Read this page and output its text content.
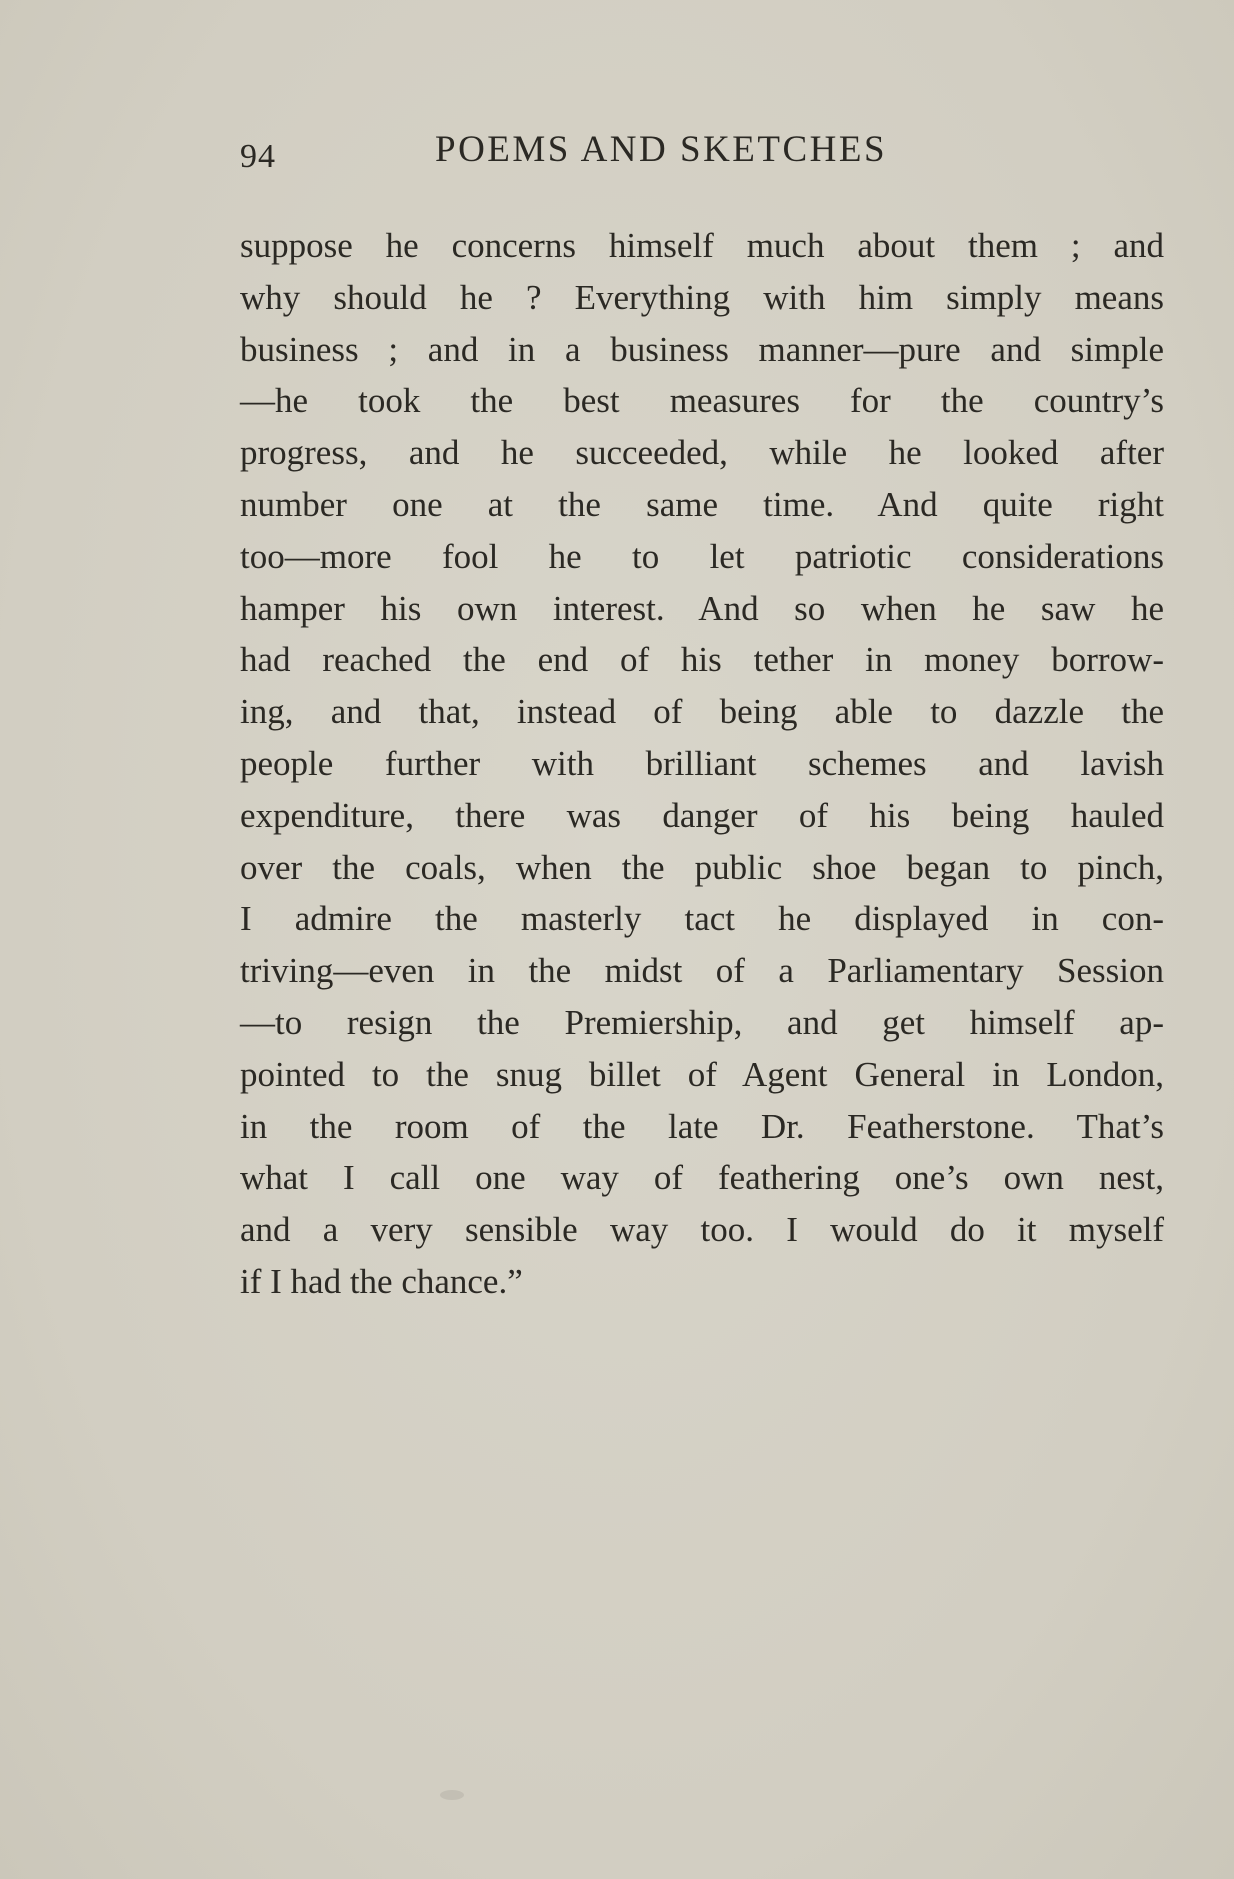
94	POEMS AND SKETCHES
suppose he concerns himself much about them ; and
why should he ? Everything with him simply means
business ; and in a business manner—pure and simple
—he took the best measures for the country’s
progress, and he succeeded, while he looked after
number one at the same time. And quite right
too—more fool he to let patriotic considerations
hamper his own interest. And so when he saw he
had reached the end of his tether in money borrow-
ing, and that, instead of being able to dazzle the
people further with brilliant schemes and lavish
expenditure, there was danger of his being hauled
over the coals, when the public shoe began to pinch,
I admire the masterly tact he displayed in con-
triving—even in the midst of a Parliamentary Session
—to resign the Premiership, and get himself ap-
pointed to the snug billet of Agent General in London,
in the room of the late Dr. Featherstone. That’s
what I call one way of feathering one’s own nest,
and a very sensible way too. I would do it myself
if I had the chance.”
